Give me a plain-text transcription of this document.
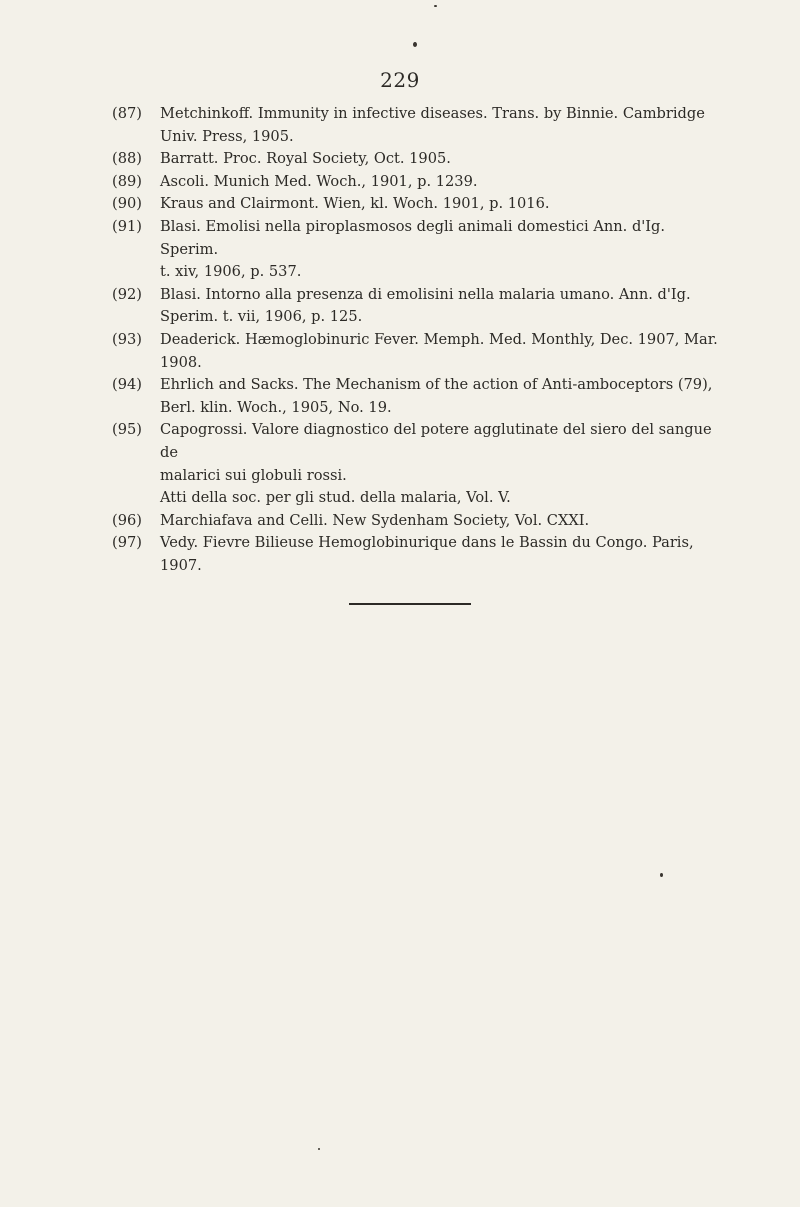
229
(87)	Metchinkoff. Immunity in infective diseases. Trans. by Binnie. Cambridge
Univ. Press, 1905.
(88)	Barratt. Proc. Royal Society, Oct. 1905.
(89)	Ascoli. Munich Med. Woch., 1901, p. 1239.
(90)	Kraus and Clairmont. Wien, kl. Woch. 1901, p. 1016.
(91)	Blasi. Emolisi nella piroplasmosos degli animali domestici Ann. d'Ig. Sperim.
t. xiv, 1906, p. 537.
(92)	Blasi. Intorno alla presenza di emolisini nella malaria umano. Ann. d'Ig.
Sperim. t. vii, 1906, p. 125.
(93)	Deaderick. Hæmoglobinuric Fever. Memph. Med. Monthly, Dec. 1907, Mar.
1908.
(94)	Ehrlich and Sacks. The Mechanism of the action of Anti-amboceptors (79),
Berl. klin. Woch., 1905, No. 19.
(95)	Capogrossi. Valore diagnostico del potere agglutinate del siero del sangue de
malarici sui globuli rossi.
Atti della soc. per gli stud. della malaria, Vol. V.
(96)	Marchiafava and Celli. New Sydenham Society, Vol. CXXI.
(97)	Vedy. Fievre Bilieuse Hemoglobinurique dans le Bassin du Congo. Paris,
1907.
